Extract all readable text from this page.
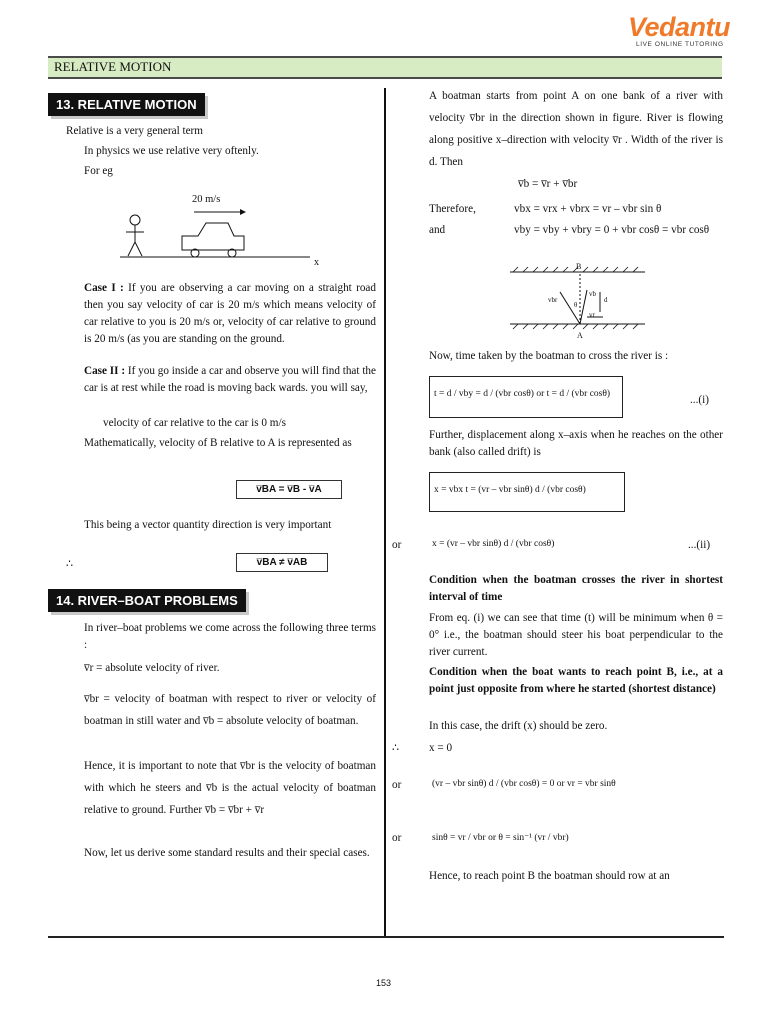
Vedantu
LIVE ONLINE TUTORING
RELATIVE MOTION
13. RELATIVE MOTION
Relative is a very general term
In physics we use relative very oftenly.
For eg
20 m/s
x
Case I : If you are observing a car moving on a straight road then you say velocity of car is 20 m/s which means velocity of car relative to you is 20 m/s or, velocity of car relative to ground is 20 m/s (as you are standing on the ground.
Case II : If you go inside a car and observe you will find that the car is at rest while the road is moving back wards. you will say,
velocity of car relative to the car is 0 m/s
Mathematically, velocity of B relative to A is represented as
v̅BA = v̅B - v̅A
This being a vector quantity direction is very important
∴	v̅BA ≠ v̅AB
14. RIVER–BOAT PROBLEMS
In river–boat problems we come across the following three terms :
v̅r = absolute velocity of river.
v̅br = velocity of boatman with respect to river or velocity of boatman in still water and v̅b = absolute velocity of boatman.
Hence, it is important to note that v̅br is the velocity of boatman with which he steers and v̅b is the actual velocity of boatman relative to ground. Further v̅b = v̅br + v̅r
Now, let us derive some standard results and their special cases.
A boatman starts from point A on one bank of a river with velocity v̅br in the direction shown in figure. River is flowing along positive x–direction with velocity v̅r . Width of the river is d. Then
v̅b = v̅r + v̅br
Therefore,	vbx = vrx + vbrx = vr – vbr sin θ
and	vby = vby + vbry = 0 + vbr cosθ = vbr cosθ
B
A
vbr
vb
vr
d
θ
Now, time taken by the boatman to cross the river is :
t = d / vby = d / (vbr cosθ) or t = d / (vbr cosθ)	...(i)
Further, displacement along x–axis when he reaches on the other bank (also called drift) is
x = vbx t = (vr – vbr sinθ) d / (vbr cosθ)
or	x = (vr – vbr sinθ) d / (vbr cosθ)	...(ii)
Condition when the boatman crosses the river in shortest interval of time
From eq. (i) we can see that time (t) will be minimum when θ = 0° i.e., the boatman should steer his boat perpendicular to the river current.
Condition when the boat wants to reach point B, i.e., at a point just opposite from where he started (shortest distance)
In this case, the drift (x) should be zero.
∴	x = 0
or	(vr – vbr sinθ) d / (vbr cosθ) = 0 or vr = vbr sinθ
or	sinθ = vr / vbr or θ = sin⁻¹ (vr / vbr)
Hence, to reach point B the boatman should row at an
153
